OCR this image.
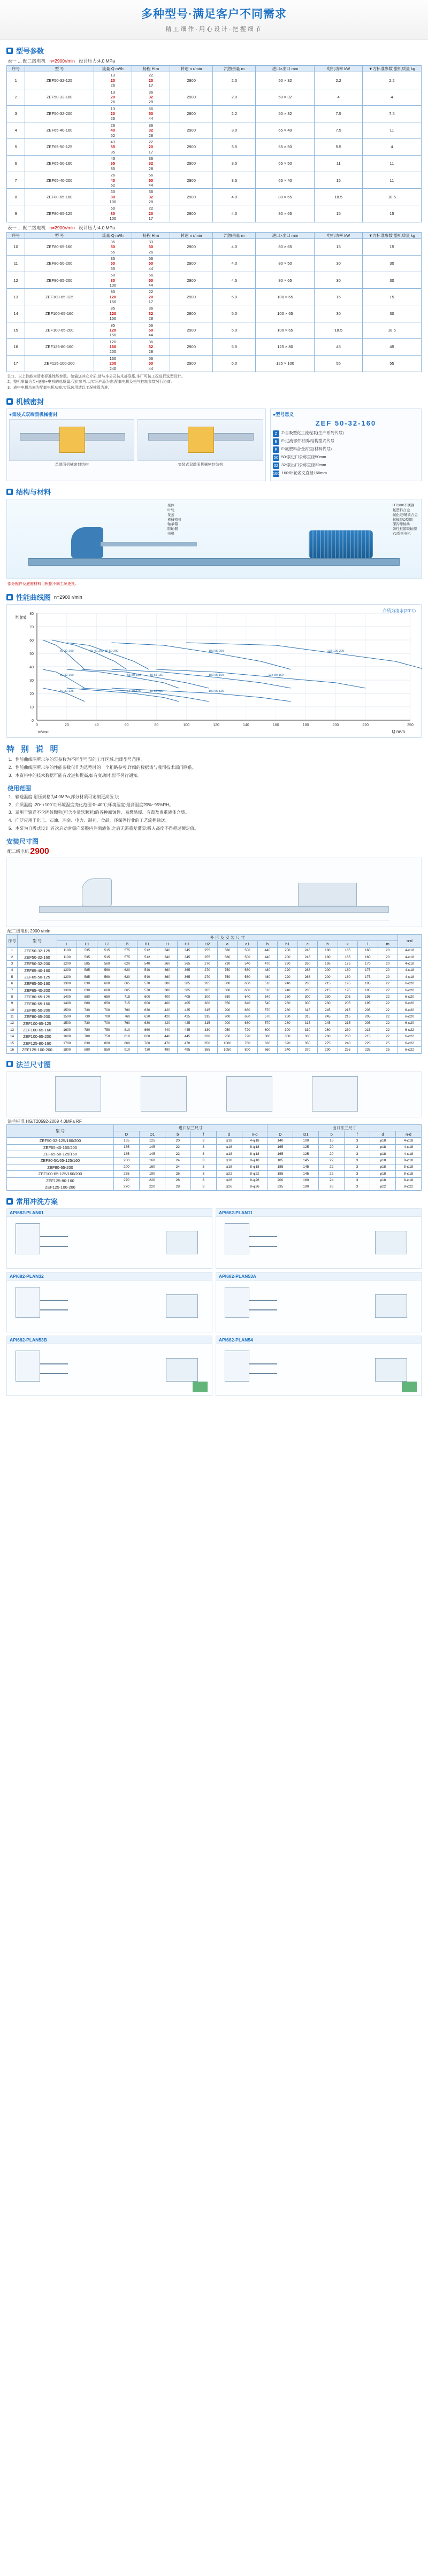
多种型号·满足客户不同需求
精工细作·用心设计·把握细节
型号参数
表一 ... 配二级电机 n=2900r/min 设计压力:4.0 MPa
序号	型 号	流量 Q m³/h	扬程 H m	转速 n r/min	汽蚀余量 m	进口×出口 mm	电机功率 kW	▼方标准参数 整机质量 kg
1	ZEF50-32-125	13
20
26	22
20
17	2900	2.0	50 × 32	2.2	2.2
2	ZEF50-32-160	13
20
26	36
32
28	2900	2.0	50 × 32	4	4
3	ZEF50-32-200	13
20
26	56
50
44	2900	2.2	50 × 32	7.5	7.5
4	ZEF65-40-160	26
40
52	36
32
28	2900	3.0	65 × 40	7.5	11
5	ZEF65-50-125	43
65
85	22
20
17	2900	3.5	65 × 50	5.5	4
6	ZEF65-50-160	43
65
85	36
32
28	2900	3.5	65 × 50	11	11
7	ZEF65-40-200	26
40
52	56
50
44	2900	3.5	65 × 40	15	11
8	ZEF80-65-160	60
80
100	36
32
28	2900	4.0	80 × 65	18.5	18.5
9	ZEF80-65-125	60
80
100	22
20
17	2900	4.0	80 × 65	15	15
表一 ... 配二级电机 n=2900r/min 设计压力:4.0 MPa
序号	型 号	流量 Q m³/h	扬程 H m	转速 n r/min	汽蚀余量 m	进口×出口 mm	电机功率 kW	▼方标准参数 整机质量 kg
10	ZEF80-65-160	35
50
65	33
30
26	2900	4.0	80 × 65	15	15
11	ZEF80-50-200	35
50
65	56
50
44	2900	4.0	80 × 50	30	30
12	ZEF80-65-200	60
80
100	56
50
44	2900	4.5	80 × 65	30	30
13	ZEF100-65-125	85
120
150	22
20
17	2900	5.0	100 × 65	15	15
14	ZEF100-65-160	85
120
150	36
32
28	2900	5.0	100 × 65	30	30
15	ZEF100-65-200	85
120
150	56
50
44	2900	5.0	100 × 65	18.5	18.5
16	ZEF125-80-160	120
160
200	36
32
28	2900	5.5	125 × 80	45	45
17	ZEF125-100-200	160
200
240	56
50
44	2900	6.0	125 × 100	55	55
注:1、以上性能为清水标准性能参数。如输送其它介质,请与本公司技术部联系,本厂可按工况进行选型设计。
2、整机质量为泵+底座+电机的总质量,仅供参考,以实际产品为准;配套电机及电气控制参数另行协商。
3、表中电机功率为配套电机功率,实际选用请以工况核算为准。
机械密封
●集装式双端面机械密封
单端面机械密封结构	集装式双端面机械密封结构
●型号意义
ZEF 50-32-160
Z	Z:自吸型化工流程泵(生产系列代号)
E	E:过流部件材质/结构型式代号
F	F:氟塑料合金衬里(材料代号)
50 50:泵进口公称直径50mm
32 32:泵出口公称直径32mm
160 160:叶轮名义直径160mm
结构与材料
泵体
叶轮
泵盖
机械密封
轴承箱
联轴器
电机
HT200/不锈钢
氟塑料合金
碳化硅/硬质合金
氟橡胶O型圈
深沟球轴承
弹性柱销联轴器
Y2系列电机
部分配件及底座材料可根据不同工况更换。
性能曲线图 n=2900 r/min
介质为清水(20℃)
0
10
20
30
40
50
60
70
80
0	20	40	60	80	100	120	140	160	180	200	220	250
H (m)
Q m³/h
m³/min
50-32-200	65-40-200 80-50-200	100-65-200	125-100-200
50-32-160	65-50-160	80-65-160	100-65-160	125-80-160
50-32-125	65-50-125	80-65-125	100-65-125
特 别 说 明
1、性能曲线图所示尔的泵参数为不同型号泵的工作区域,也即型号范围。
2、性能曲线图所示尔的性能参数仅作为选型时的一个粗略参考,详细的数据请与我司技术部门联系。
3、本资料中的技术数据可能有改进和提高,如有变动时,恕不另行通知。
使用范围
1、输送温度:耐压规格为4.0MPa,部分材质可定制更高压力;
2、介质温度:-20~+100℃;环境温度变化范围:0~40℃;环境湿度:最高温度20%~95%RH。
3、适用于输送不含固体颗粒(可含少量软颗粒)的各种腐蚀性、易燃易爆、有毒及贵重液体介质。
4、广泛应用于化工、石油、冶金、电力、制药、食品、环保等行业的工艺流程输送。
5、本泵为自吸式设计,首次启动时需向泵腔内注满液体,之后无需重复灌泵;吸入高度不得超过额定值。
安装尺寸图
配二级电机 2900
配二级电机 2900 r/min
序号	型 号	外 形 及 安 装 尺 寸																	n-d
		L	L1	L2	B	B1	H	H1	H2	a	a1	b	b1	c	h	k	l	m	
1	ZEF50-32-125	1100	535	515	575	512	340	345	255	680	500	440	200	246	180	165	160	20	4-φ18
2	ZEF50-32-160	1100	535	515	575	512	340	345	255	680	500	440	200	246	180	165	160	20	4-φ18
3	ZEF50-32-200	1200	585	560	620	540	360	365	270	730	540	470	220	260	195	175	170	20	4-φ18
4	ZEF65-40-160	1200	585	560	620	540	360	365	270	750	560	480	220	268	200	180	175	20	4-φ18
5	ZEF65-50-125	1200	585	560	620	540	360	365	270	750	560	480	220	268	200	180	175	20	4-φ18
6	ZEF65-50-160	1300	630	600	665	570	380	385	285	800	600	510	240	285	215	195	185	22	6-φ20
7	ZEF65-40-200	1300	630	600	665	570	380	385	285	800	600	510	240	285	215	195	185	22	6-φ20
8	ZEF80-65-125	1400	680	650	715	600	400	405	300	850	640	540	260	300	230	205	195	22	6-φ20
9	ZEF80-65-160	1400	680	650	715	600	400	405	300	850	640	540	260	300	230	205	195	22	6-φ20
10	ZEF80-50-200	1500	730	700	760	630	420	425	315	900	680	570	280	315	245	215	205	22	6-φ20
11	ZEF80-65-200	1500	730	700	760	630	420	425	315	900	680	570	280	315	245	215	205	22	6-φ20
12	ZEF100-65-125	1500	730	700	760	630	420	425	315	900	680	570	280	315	245	215	205	22	6-φ20
13	ZEF100-65-160	1600	780	750	810	660	440	445	330	950	720	600	300	330	260	230	215	22	6-φ22
14	ZEF100-65-200	1600	780	750	810	660	440	445	330	950	720	600	300	330	260	230	215	22	6-φ22
15	ZEF125-80-160	1700	830	800	860	700	470	470	350	1000	760	630	320	350	275	240	225	25	6-φ22
16	ZEF125-100-200	1800	880	850	910	730	490	495	365	1050	800	660	340	370	290	255	235	25	6-φ22
法兰尺寸图
法兰标准 HG/T20592-2009 4.0MPa RF
型 号	进口法兰尺寸						出口法兰尺寸					
	D	D1	b	f	d	n-d	D	D1	b	f	d	n-d
ZEF50-32-125/160/200	165	125	20	3	φ18	4-φ18	140	100	18	3	φ18	4-φ18
ZEF65-40-160/200	185	145	22	3	φ18	8-φ18	165	125	20	3	φ18	4-φ18
ZEF65-50-125/160	185	145	22	3	φ18	8-φ18	165	125	20	3	φ18	4-φ18
ZEF80-50/65-125/160	200	160	24	3	φ18	8-φ18	185	145	22	3	φ18	8-φ18
ZEF80-65-200	200	160	24	3	φ18	8-φ18	185	145	22	3	φ18	8-φ18
ZEF100-65-125/160/200	235	190	26	3	φ22	8-φ22	185	145	22	3	φ18	8-φ18
ZEF125-80-160	270	220	28	3	φ26	8-φ26	200	160	24	3	φ18	8-φ18
ZEF125-100-200	270	220	28	3	φ26	8-φ26	235	190	26	3	φ22	8-φ22
常用冲洗方案
API682-PLAN01	API682-PLAN11
API682-PLAN32	API682-PLAN53A
API682-PLAN53B	API682-PLAN54
